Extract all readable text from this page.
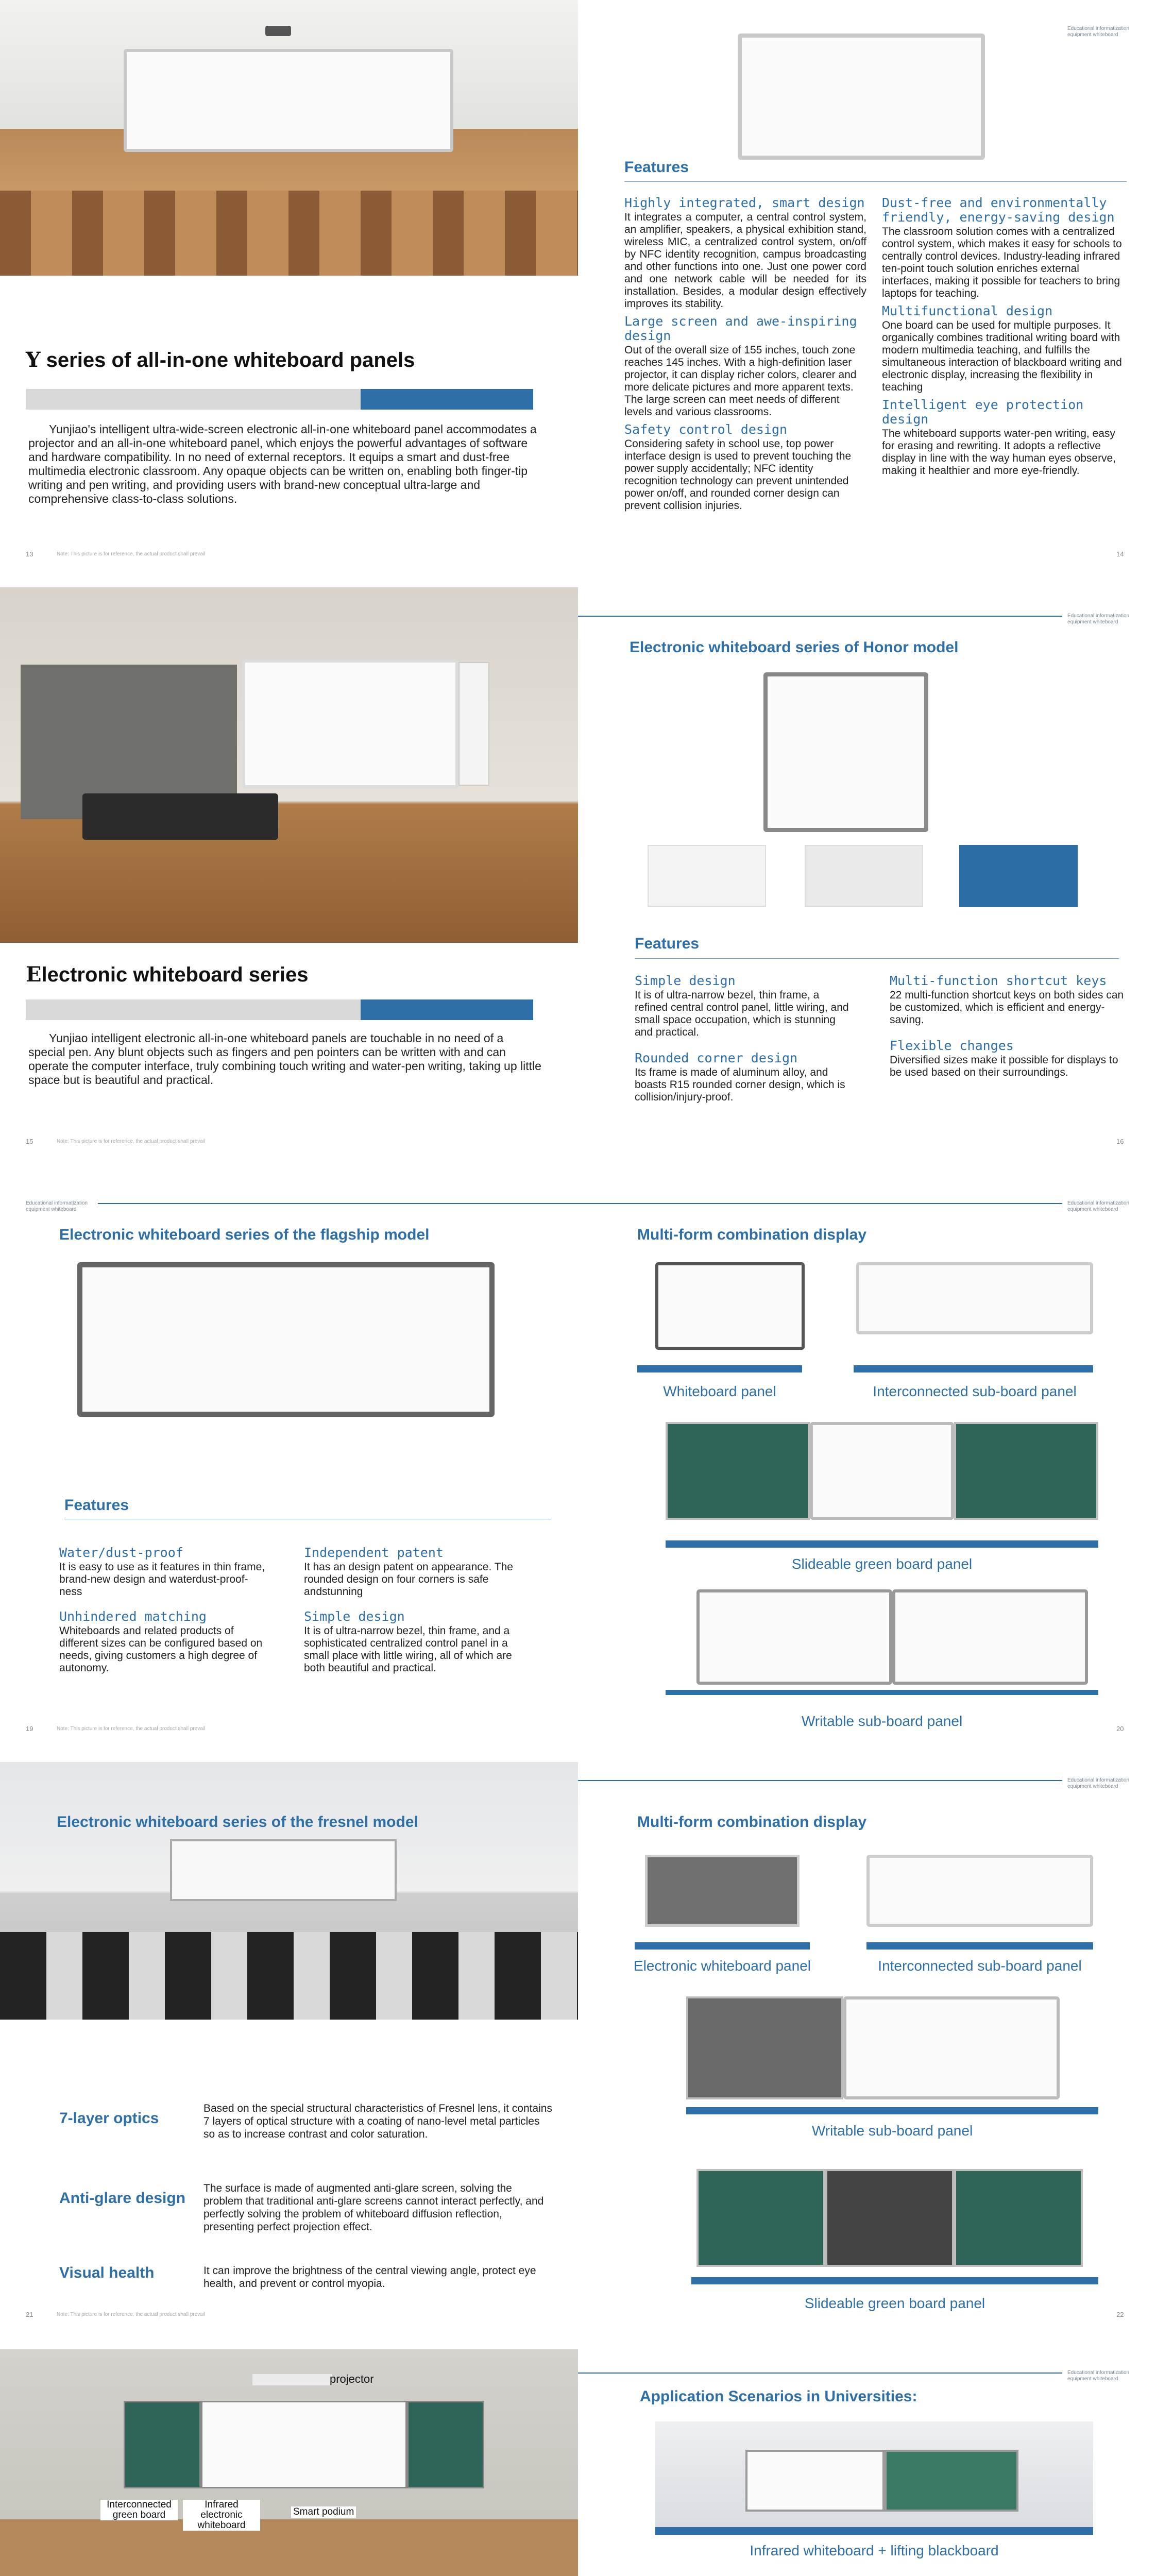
Y series of all-in-one whiteboard panels
Yunjiao's intelligent ultra-wide-screen electronic all-in-one whiteboard panel accommodates a projector and an all-in-one whiteboard panel, which enjoys the powerful advantages of software and hardware compatibility. In no need of external receptors. It equips a smart and dust-free multimedia electronic classroom. Any opaque objects can be written on, enabling both finger-tip writing and pen writing, and providing users with brand-new conceptual ultra-large and comprehensive class-to-class solutions.
13	Note: This picture is for reference, the actual product shall prevail
Educational informatization equipment whiteboard
Features
Highly integrated, smart design
It integrates a computer, a central control system, an amplifier, speakers, a physical exhibition stand, wireless MIC, a centralized control system, on/off by NFC identity recognition, campus broadcasting and other functions into one. Just one power cord and one network cable will be needed for its installation. Besides, a modular design effectively improves its stability.
Large screen and awe-inspiring design
Out of the overall size of 155 inches, touch zone reaches 145 inches. With a high-definition laser projector, it can display richer colors, clearer and more delicate pictures and more apparent texts. The large screen can meet needs of different levels and various classrooms.
Safety control design
Considering safety in school use, top power interface design is used to prevent touching the power supply accidentally; NFC identity recognition technology can prevent unintended power on/off, and rounded corner design can prevent collision injuries.
Dust-free and environmentally friendly, energy-saving design
The classroom solution comes with a centralized control system, which makes it easy for schools to centrally control devices. Industry-leading infrared ten-point touch solution enriches external interfaces, making it possible for teachers to bring laptops for teaching.
Multifunctional design
One board can be used for multiple purposes. It organically combines traditional writing board with modern multimedia teaching, and fulfills the simultaneous interaction of blackboard writing and electronic display, increasing the flexibility in teaching
Intelligent eye protection design
The whiteboard supports water-pen writing, easy for erasing and rewriting. It adopts a reflective display in line with the way human eyes observe, making it healthier and more eye-friendly.
14
Electronic whiteboard series
Yunjiao intelligent electronic all-in-one whiteboard panels are touchable in no need of a special pen. Any blunt objects such as fingers and pen pointers can be written with and can operate the computer interface, truly combining touch writing and water-pen writing, taking up little space but is beautiful and practical.
15	Note: This picture is for reference, the actual product shall prevail
Educational informatization equipment whiteboard
Electronic whiteboard series of Honor model
Features
Simple design
It is of ultra-narrow bezel, thin frame, a refined central control panel, little wiring, and small space occupation, which is stunning and practical.
Rounded corner design
Its frame is made of aluminum alloy, and boasts R15 rounded corner design, which is collision/injury-proof.
Multi-function shortcut keys
22 multi-function shortcut keys on both sides can be customized, which is efficient and energy-saving.
Flexible changes
Diversified sizes make it possible for displays to be used based on their surroundings.
16
Educational informatization equipment whiteboard
Electronic whiteboard series of the flagship model
Features
Water/dust-proof
It is easy to use as it features in thin frame, brand-new design and waterdust-proof-ness
Unhindered matching
Whiteboards and related products of different sizes can be configured based on needs, giving customers a high degree of autonomy.
Independent patent
It has an design patent on appearance. The rounded design on four corners is safe andstunning
Simple design
It is of ultra-narrow bezel, thin frame, and a sophisticated centralized control panel in a small place with little wiring, all of which are both beautiful and practical.
19	Note: This picture is for reference, the actual product shall prevail
Educational informatization equipment whiteboard
Multi-form combination display
Whiteboard panel	Interconnected sub-board panel
Slideable green board panel
Writable sub-board panel	20
Electronic whiteboard series of the fresnel model
7-layer optics
Based on the special structural characteristics of Fresnel lens, it contains 7 layers of optical structure with a coating of nano-level metal particles so as to increase contrast and color saturation.
Anti-glare design
The surface is made of augmented anti-glare screen, solving the problem that traditional anti-glare screens cannot interact perfectly, and perfectly solving the problem of whiteboard diffusion reflection, presenting perfect projection effect.
Visual health	It can improve the brightness of the central viewing angle, protect eye health, and prevent or control myopia.
21	Note: This picture is for reference, the actual product shall prevail
Educational informatization equipment whiteboard
Multi-form combination display
Electronic whiteboard panel	Interconnected sub-board panel
Writable sub-board panel
Slideable green board panel
22
projector
Interconnected green board
Infrared electronic whiteboard
Smart podium
Educational informatization equipment whiteboard
Application Scenarios in Universities:
Infrared whiteboard + lifting blackboard
